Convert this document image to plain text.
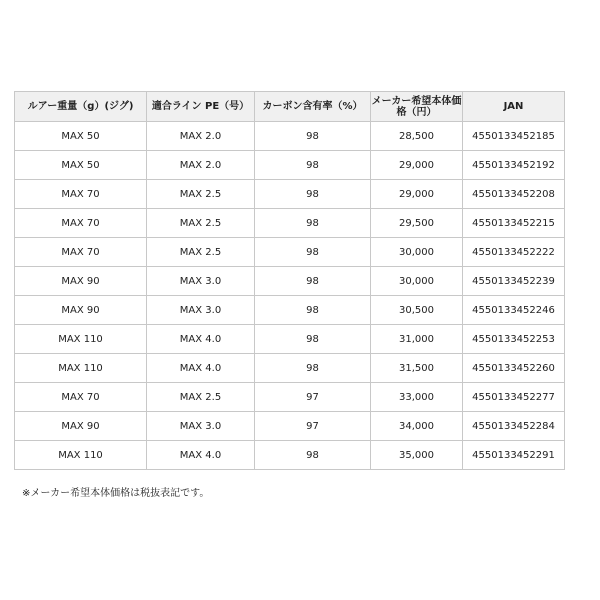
ルアー重量（g）(ジグ)	適合ライン PE（号）	カーボン含有率（%）	メーカー希望本体価格（円）	JAN
MAX 50	MAX 2.0	98	28,500	4550133452185
MAX 50	MAX 2.0	98	29,000	4550133452192
MAX 70	MAX 2.5	98	29,000	4550133452208
MAX 70	MAX 2.5	98	29,500	4550133452215
MAX 70	MAX 2.5	98	30,000	4550133452222
MAX 90	MAX 3.0	98	30,000	4550133452239
MAX 90	MAX 3.0	98	30,500	4550133452246
MAX 110	MAX 4.0	98	31,000	4550133452253
MAX 110	MAX 4.0	98	31,500	4550133452260
MAX 70	MAX 2.5	97	33,000	4550133452277
MAX 90	MAX 3.0	97	34,000	4550133452284
MAX 110	MAX 4.0	98	35,000	4550133452291

※メーカー希望本体価格は税抜表記です。
